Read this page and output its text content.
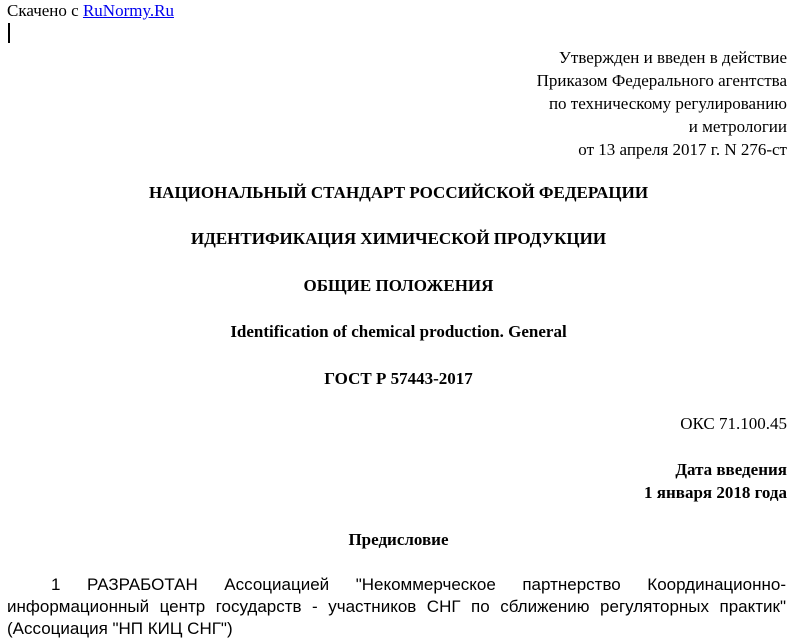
Скачено с RuNormy.Ru
Утвержден и введен в действие
Приказом Федерального агентства
по техническому регулированию
и метрологии
от 13 апреля 2017 г. N 276-ст
НАЦИОНАЛЬНЫЙ СТАНДАРТ РОССИЙСКОЙ ФЕДЕРАЦИИ
ИДЕНТИФИКАЦИЯ ХИМИЧЕСКОЙ ПРОДУКЦИИ
ОБЩИЕ ПОЛОЖЕНИЯ
Identification of chemical production. General
ГОСТ Р 57443-2017
ОКС 71.100.45
Дата введения
1 января 2018 года
Предисловие
1 РАЗРАБОТАН Ассоциацией "Некоммерческое партнерство Координационно-информационный центр государств - участников СНГ по сближению регуляторных практик" (Ассоциация "НП КИЦ СНГ")
